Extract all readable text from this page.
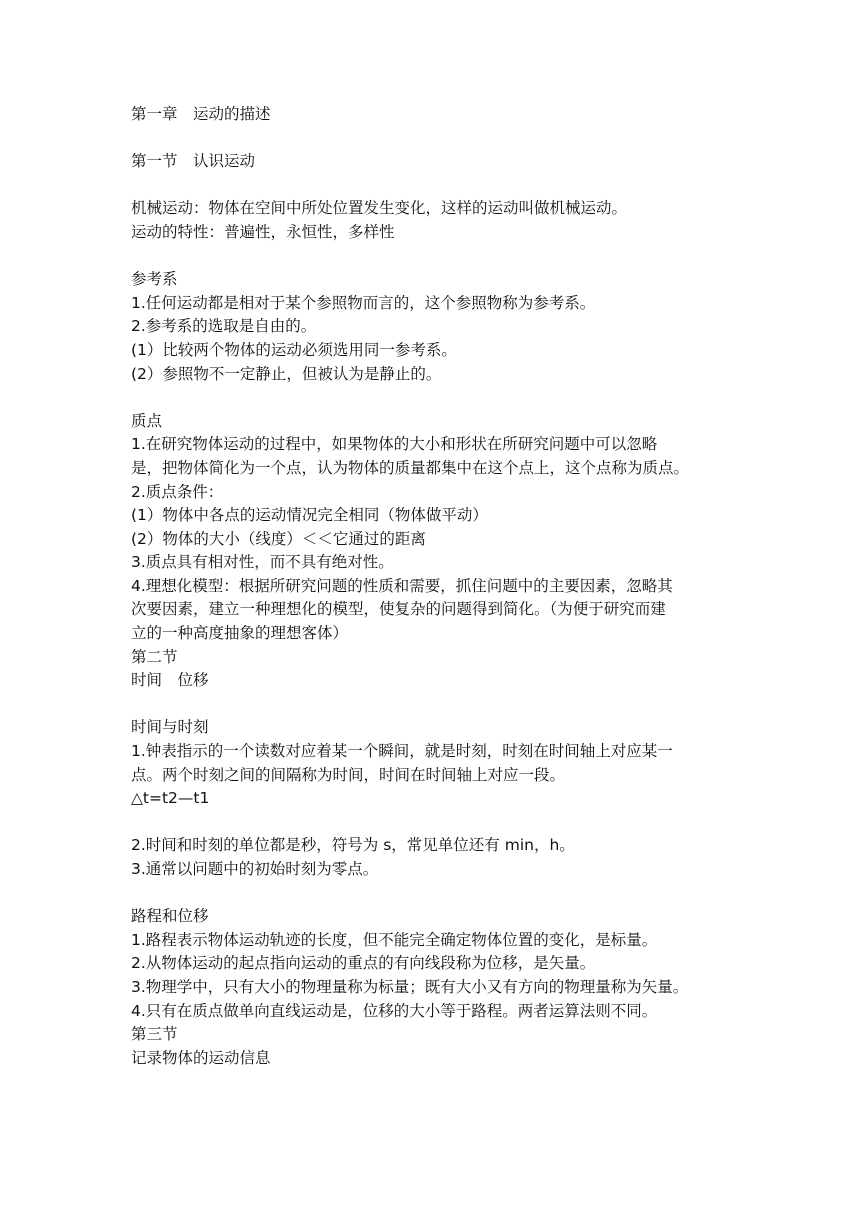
第一章　运动的描述
第一节　认识运动
机械运动：物体在空间中所处位置发生变化，这样的运动叫做机械运动。
运动的特性：普遍性，永恒性，多样性
参考系
1.任何运动都是相对于某个参照物而言的，这个参照物称为参考系。
2.参考系的选取是自由的。
(1）比较两个物体的运动必须选用同一参考系。
(2）参照物不一定静止，但被认为是静止的。
质点
1.在研究物体运动的过程中，如果物体的大小和形状在所研究问题中可以忽略
是，把物体简化为一个点，认为物体的质量都集中在这个点上，这个点称为质点。
2.质点条件：
(1）物体中各点的运动情况完全相同（物体做平动）
(2）物体的大小（线度）＜＜它通过的距离
3.质点具有相对性，而不具有绝对性。
4.理想化模型：根据所研究问题的性质和需要，抓住问题中的主要因素，忽略其
次要因素，建立一种理想化的模型，使复杂的问题得到简化。（为便于研究而建
立的一种高度抽象的理想客体）
第二节
时间　位移
时间与时刻
1.钟表指示的一个读数对应着某一个瞬间，就是时刻，时刻在时间轴上对应某一
点。两个时刻之间的间隔称为时间，时间在时间轴上对应一段。
△t=t2—t1
2.时间和时刻的单位都是秒，符号为 s，常见单位还有 min，h。
3.通常以问题中的初始时刻为零点。
路程和位移
1.路程表示物体运动轨迹的长度，但不能完全确定物体位置的变化，是标量。
2.从物体运动的起点指向运动的重点的有向线段称为位移，是矢量。
3.物理学中，只有大小的物理量称为标量；既有大小又有方向的物理量称为矢量。
4.只有在质点做单向直线运动是，位移的大小等于路程。两者运算法则不同。
第三节
记录物体的运动信息
